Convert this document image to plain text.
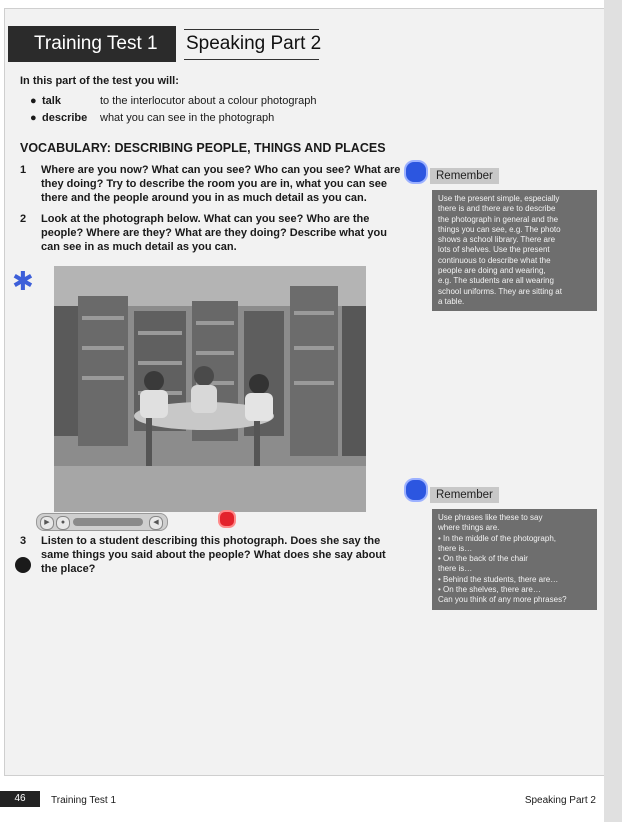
Training Test 1 Speaking Part 2
In this part of the test you will:
● talk	to the interlocutor about a colour photograph
● describe what you can see in the photograph
VOCABULARY: DESCRIBING PEOPLE, THINGS AND PLACES
1 Where are you now? What can you see? Who can you see? What are they doing? Try to describe the room you are in, what you can see there and the people around you in as much detail as you can.
2 Look at the photograph below. What can you see? Who are the people? Where are they? What are they doing? Describe what you can see in as much detail as you can.
✱
▶	●	◀
3 Listen to a student describing this photograph. Does she say the same things you said about the people? What does she say about the place?
Remember
Use the present simple, especially
there is and there are to describe
the photograph in general and the
things you can see, e.g. The photo
shows a school library. There are
lots of shelves. Use the present
continuous to describe what the
people are doing and wearing,
e.g. The students are all wearing
school uniforms. They are sitting at
a table.
Remember
Use phrases like these to say
where things are.
• In the middle of the photograph,
there is…
• On the back of the chair
there is…
• Behind the students, there are…
• On the shelves, there are…
Can you think of any more phrases?
46	Training Test 1	Speaking Part 2
